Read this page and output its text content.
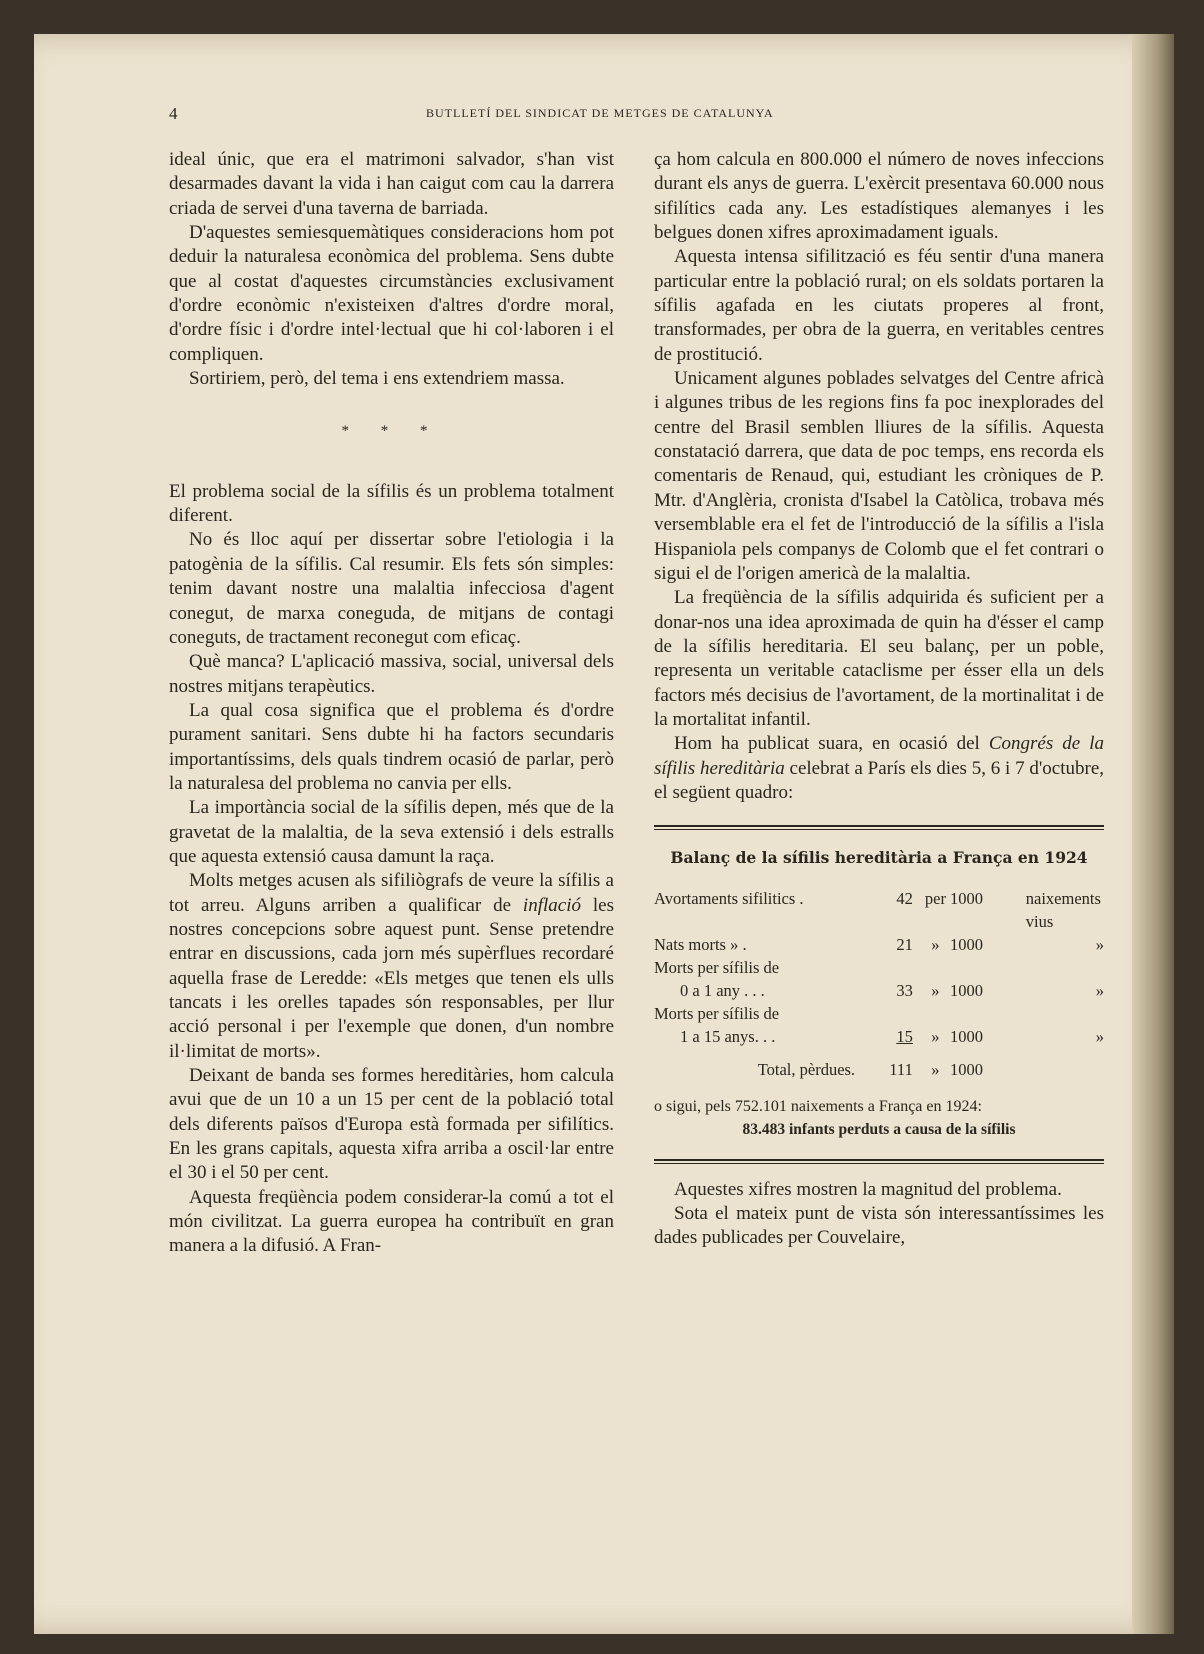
4	BUTLLETÍ DEL SINDICAT DE METGES DE CATALUNYA

ideal únic, que era el matrimoni salvador, s'han vist desarmades davant la vida i han caigut com cau la darrera criada de servei d'una taverna de barriada.

D'aquestes semiesquemàtiques consideracions hom pot deduir la naturalesa econòmica del problema. Sens dubte que al costat d'aquestes circumstàncies exclusivament d'ordre econòmic n'existeixen d'altres d'ordre moral, d'ordre físic i d'ordre intel·lectual que hi col·laboren i el compliquen.

Sortiriem, però, del tema i ens extendriem massa.

* * *

El problema social de la sífilis és un problema totalment diferent.

No és lloc aquí per dissertar sobre l'etiologia i la patogènia de la sífilis. Cal resumir. Els fets són simples: tenim davant nostre una malaltia infecciosa d'agent conegut, de marxa coneguda, de mitjans de contagi coneguts, de tractament reconegut com eficaç.

Què manca? L'aplicació massiva, social, universal dels nostres mitjans terapèutics.

La qual cosa significa que el problema és d'ordre purament sanitari. Sens dubte hi ha factors secundaris importantíssims, dels quals tindrem ocasió de parlar, però la naturalesa del problema no canvia per ells.

La importància social de la sífilis depen, més que de la gravetat de la malaltia, de la seva extensió i dels estralls que aquesta extensió causa damunt la raça.

Molts metges acusen als sifiliògrafs de veure la sífilis a tot arreu. Alguns arriben a qualificar de inflació les nostres concepcions sobre aquest punt. Sense pretendre entrar en discussions, cada jorn més supèrflues recordaré aquella frase de Leredde: «Els metges que tenen els ulls tancats i les orelles tapades són responsables, per llur acció personal i per l'exemple que donen, d'un nombre il·limitat de morts».

Deixant de banda ses formes hereditàries, hom calcula avui que de un 10 a un 15 per cent de la població total dels diferents països d'Europa està formada per sifilítics. En les grans capitals, aquesta xifra arriba a oscil·lar entre el 30 i el 50 per cent.

Aquesta freqüència podem considerar-la comú a tot el món civilitzat. La guerra europea ha contribuït en gran manera a la difusió. A Fran-

ça hom calcula en 800.000 el número de noves infeccions durant els anys de guerra. L'exèrcit presentava 60.000 nous sifilítics cada any. Les estadístiques alemanyes i les belgues donen xifres aproximadament iguals.

Aquesta intensa sifilització es féu sentir d'una manera particular entre la població rural; on els soldats portaren la sífilis agafada en les ciutats properes al front, transformades, per obra de la guerra, en veritables centres de prostitució.

Unicament algunes poblades selvatges del Centre africà i algunes tribus de les regions fins fa poc inexplorades del centre del Brasil semblen lliures de la sífilis. Aquesta constatació darrera, que data de poc temps, ens recorda els comentaris de Renaud, qui, estudiant les cròniques de P. Mtr. d'Anglèria, cronista d'Isabel la Catòlica, trobava més versemblable era el fet de l'introducció de la sífilis a l'isla Hispaniola pels companys de Colomb que el fet contrari o sigui el de l'origen americà de la malaltia.

La freqüència de la sífilis adquirida és suficient per a donar-nos una idea aproximada de quin ha d'ésser el camp de la sífilis hereditaria. El seu balanç, per un poble, representa un veritable cataclisme per ésser ella un dels factors més decisius de l'avortament, de la mortinalitat i de la mortalitat infantil.

Hom ha publicat suara, en ocasió del Congrés de la sífilis hereditària celebrat a París els dies 5, 6 i 7 d'octubre, el següent quadro:

Balanç de la sífilis hereditària a França en 1924
Avortaments sifilitics .	42	per	1000	naixements vius
Nats morts » .	21	»	1000	»
Morts per sífilis de				
0 a 1 any . . .	33	»	1000	»
Morts per sífilis de				
1 a 15 anys. . .	15	»	1000	»
Total, pèrdues.	111	»	1000	
o sigui, pels 752.101 naixements a França en 1924:
83.483 infants perduts a causa de la sífilis

Aquestes xifres mostren la magnitud del problema.

Sota el mateix punt de vista són interessantíssimes les dades publicades per Couvelaire,
